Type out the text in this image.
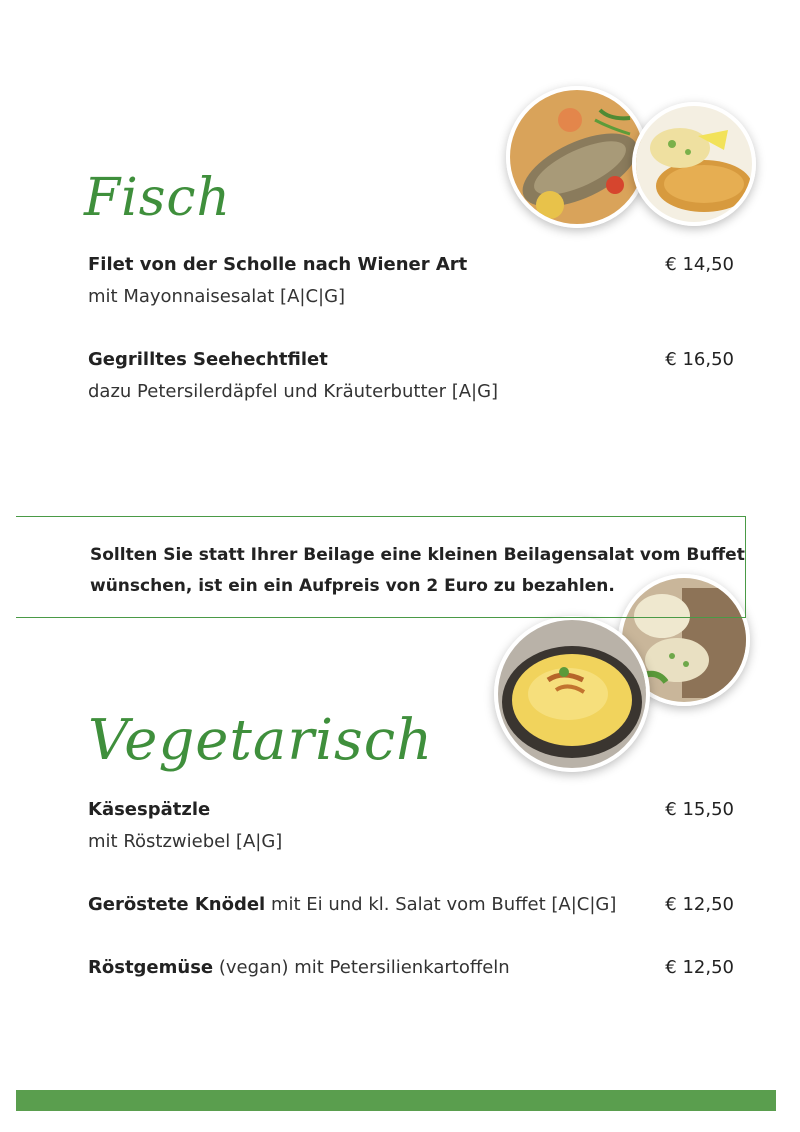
Fisch
Filet von der Scholle nach Wiener Art
mit Mayonnaisesalat [A|C|G]
€ 14,50
Gegrilltes Seehechtfilet
dazu Petersilerdäpfel und Kräuterbutter [A|G]
€ 16,50
Sollten Sie statt Ihrer Beilage eine kleinen Beilagensalat vom Buffet
wünschen, ist ein ein Aufpreis von 2 Euro zu bezahlen.
Vegetarisch
Käsespätzle
mit Röstzwiebel [A|G]
€ 15,50
Geröstete Knödel mit Ei und kl. Salat vom Buffet [A|C|G]	€ 12,50
Röstgemüse (vegan) mit Petersilienkartoffeln	€ 12,50
